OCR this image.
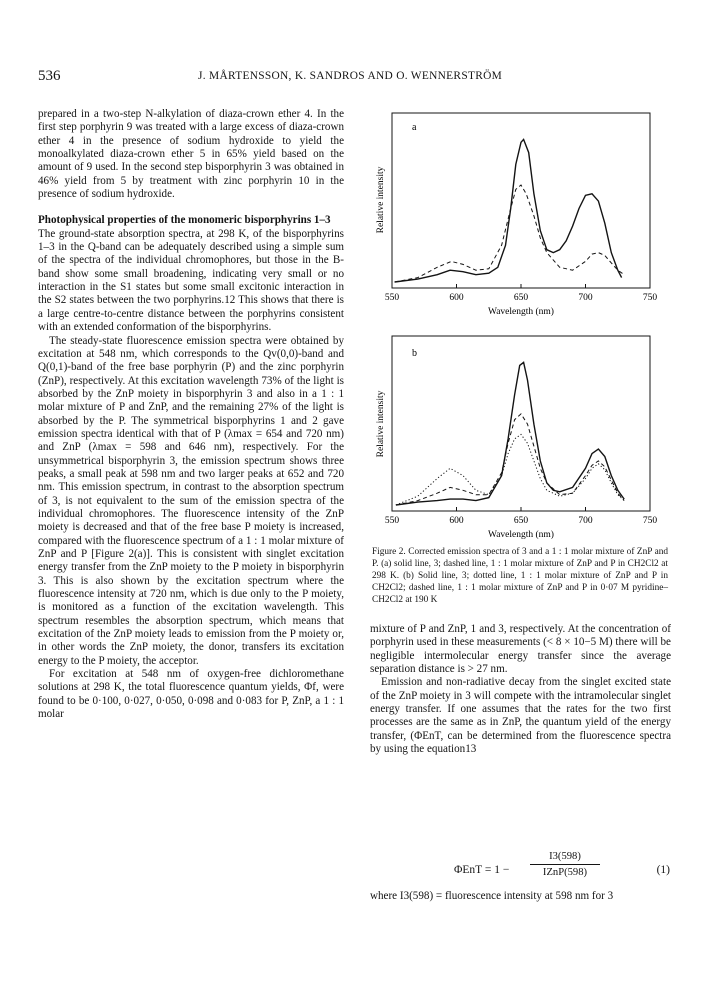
536	J. MÅRTENSSON, K. SANDROS AND O. WENNERSTRÖM

prepared in a two-step N-alkylation of diaza-crown ether 4. In the first step porphyrin 9 was treated with a large excess of diaza-crown ether 4 in the presence of sodium hydroxide to yield the monoalkylated diaza-crown ether 5 in 65% yield based on the amount of 9 used. In the second step bisporphyrin 3 was obtained in 46% yield from 5 by treatment with zinc porphyrin 10 in the presence of sodium hydroxide.

Photophysical properties of the monomeric bisporphyrins 1–3

The ground-state absorption spectra, at 298 K, of the bisporphyrins 1–3 in the Q-band can be adequately described using a simple sum of the spectra of the individual chromophores, but those in the B-band show some small broadening, indicating very small or no interaction in the S1 states but some small excitonic interaction in the S2 states between the two porphyrins.12 This shows that there is a large centre-to-centre distance between the porphyrins consistent with an extended conformation of the bisporphyrins.

The steady-state fluorescence emission spectra were obtained by excitation at 548 nm, which corresponds to the Qv(0,0)-band and Q(0,1)-band of the free base porphyrin (P) and the zinc porphyrin (ZnP), respectively. At this excitation wavelength 73% of the light is absorbed by the ZnP moiety in bisporphyrin 3 and also in a 1 : 1 molar mixture of P and ZnP, and the remaining 27% of the light is absorbed by the P. The symmetrical bisporphyrins 1 and 2 gave emission spectra identical with that of P (λmax = 654 and 720 nm) and ZnP (λmax = 598 and 646 nm), respectively. For the unsymmetrical bisporphyrin 3, the emission spectrum shows three peaks, a small peak at 598 nm and two larger peaks at 652 and 720 nm. This emission spectrum, in contrast to the absorption spectrum of 3, is not equivalent to the sum of the emission spectra of the individual chromophores. The fluorescence intensity of the ZnP moiety is decreased and that of the free base P moiety is increased, compared with the fluorescence spectrum of a 1 : 1 molar mixture of ZnP and P [Figure 2(a)]. This is consistent with singlet excitation energy transfer from the ZnP moiety to the P moiety in bisporphyrin 3. This is also shown by the excitation spectrum where the fluorescence intensity at 720 nm, which is due only to the P moiety, is monitored as a function of the excitation wavelength. This spectrum resembles the absorption spectrum, which means that excitation of the ZnP moiety leads to emission from the P moiety or, in other words the ZnP moiety, the donor, transfers its excitation energy to the P moiety, the acceptor.

For excitation at 548 nm of oxygen-free dichloromethane solutions at 298 K, the total fluorescence quantum yields, Φf, were found to be 0·100, 0·027, 0·050, 0·098 and 0·083 for P, ZnP, a 1 : 1 molar

a
Relative intensity
550	600	650	700	750
Wavelength (nm)
b
Relative intensity
550	600	650	700	750
Wavelength (nm)
Figure 2. Corrected emission spectra of 3 and a 1 : 1 molar mixture of ZnP and P. (a) solid line, 3; dashed line, 1 : 1 molar mixture of ZnP and P in CH2Cl2 at 298 K. (b) Solid line, 3; dotted line, 1 : 1 molar mixture of ZnP and P in CH2Cl2; dashed line, 1 : 1 molar mixture of ZnP and P in 0·07 M pyridine–CH2Cl2 at 190 K

mixture of P and ZnP, 1 and 3, respectively. At the concentration of porphyrin used in these measurements (< 8 × 10−5 M) there will be negligible intermolecular energy transfer since the average separation distance is > 27 nm.

Emission and non-radiative decay from the singlet excited state of the ZnP moiety in 3 will compete with the intramolecular singlet energy transfer. If one assumes that the rates for the two first processes are the same as in ZnP, the quantum yield of the energy transfer, (ΦEnT, can be determined from the fluorescence spectra by using the equation13

ΦEnT = 1 −
I3(598)
IZnP(598)	(1)
where I3(598) = fluorescence intensity at 598 nm for 3
